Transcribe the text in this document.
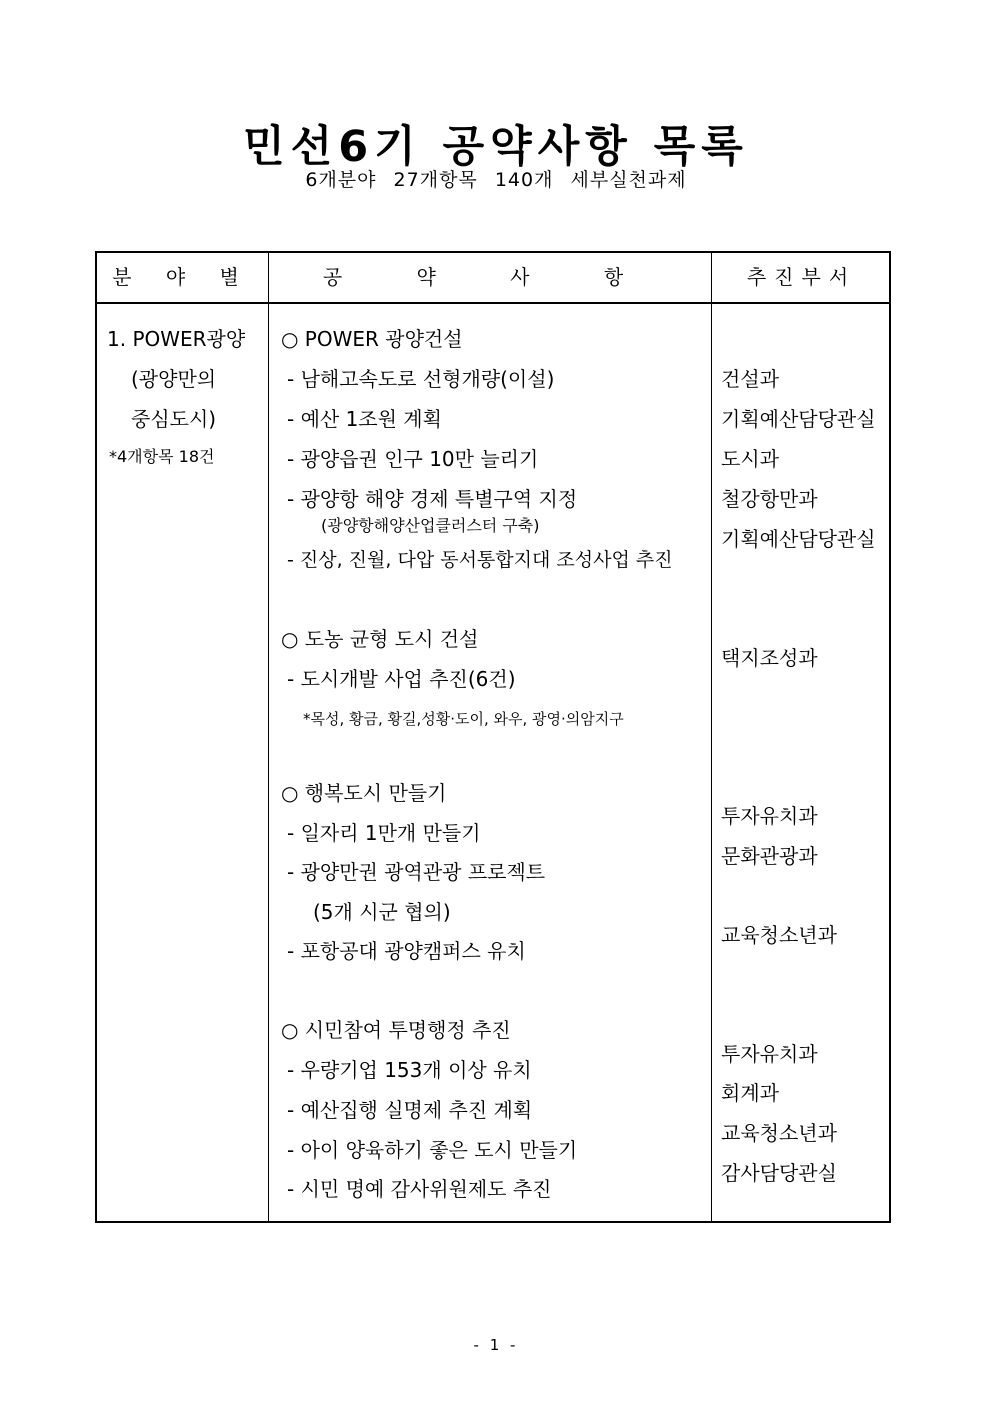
민선6기 공약사항 목록
6개분야 27개항목 140개 세부실천과제
분 야 별	공 약 사 항	추진부서
1. POWER광양
(광양만의
중심도시)
*4개항목 18건
○ POWER 광양건설
- 남해고속도로 선형개량(이설)
- 예산 1조원 계획
- 광양읍권 인구 10만 늘리기
- 광양항 해양 경제 특별구역 지정
(광양항해양산업클러스터 구축)
- 진상, 진월, 다압 동서통합지대 조성사업 추진
건설과
기획예산담당관실
도시과
철강항만과
기획예산담당관실
○ 도농 균형 도시 건설
- 도시개발 사업 추진(6건)
*목성, 황금, 황길,성황·도이, 와우, 광영·의암지구
택지조성과
○ 행복도시 만들기
- 일자리 1만개 만들기
- 광양만권 광역관광 프로젝트
(5개 시군 협의)
- 포항공대 광양캠퍼스 유치
투자유치과
문화관광과
교육청소년과
○ 시민참여 투명행정 추진
- 우량기업 153개 이상 유치
- 예산집행 실명제 추진 계획
- 아이 양육하기 좋은 도시 만들기
- 시민 명예 감사위원제도 추진
투자유치과
회계과
교육청소년과
감사담당관실
- 1 -
